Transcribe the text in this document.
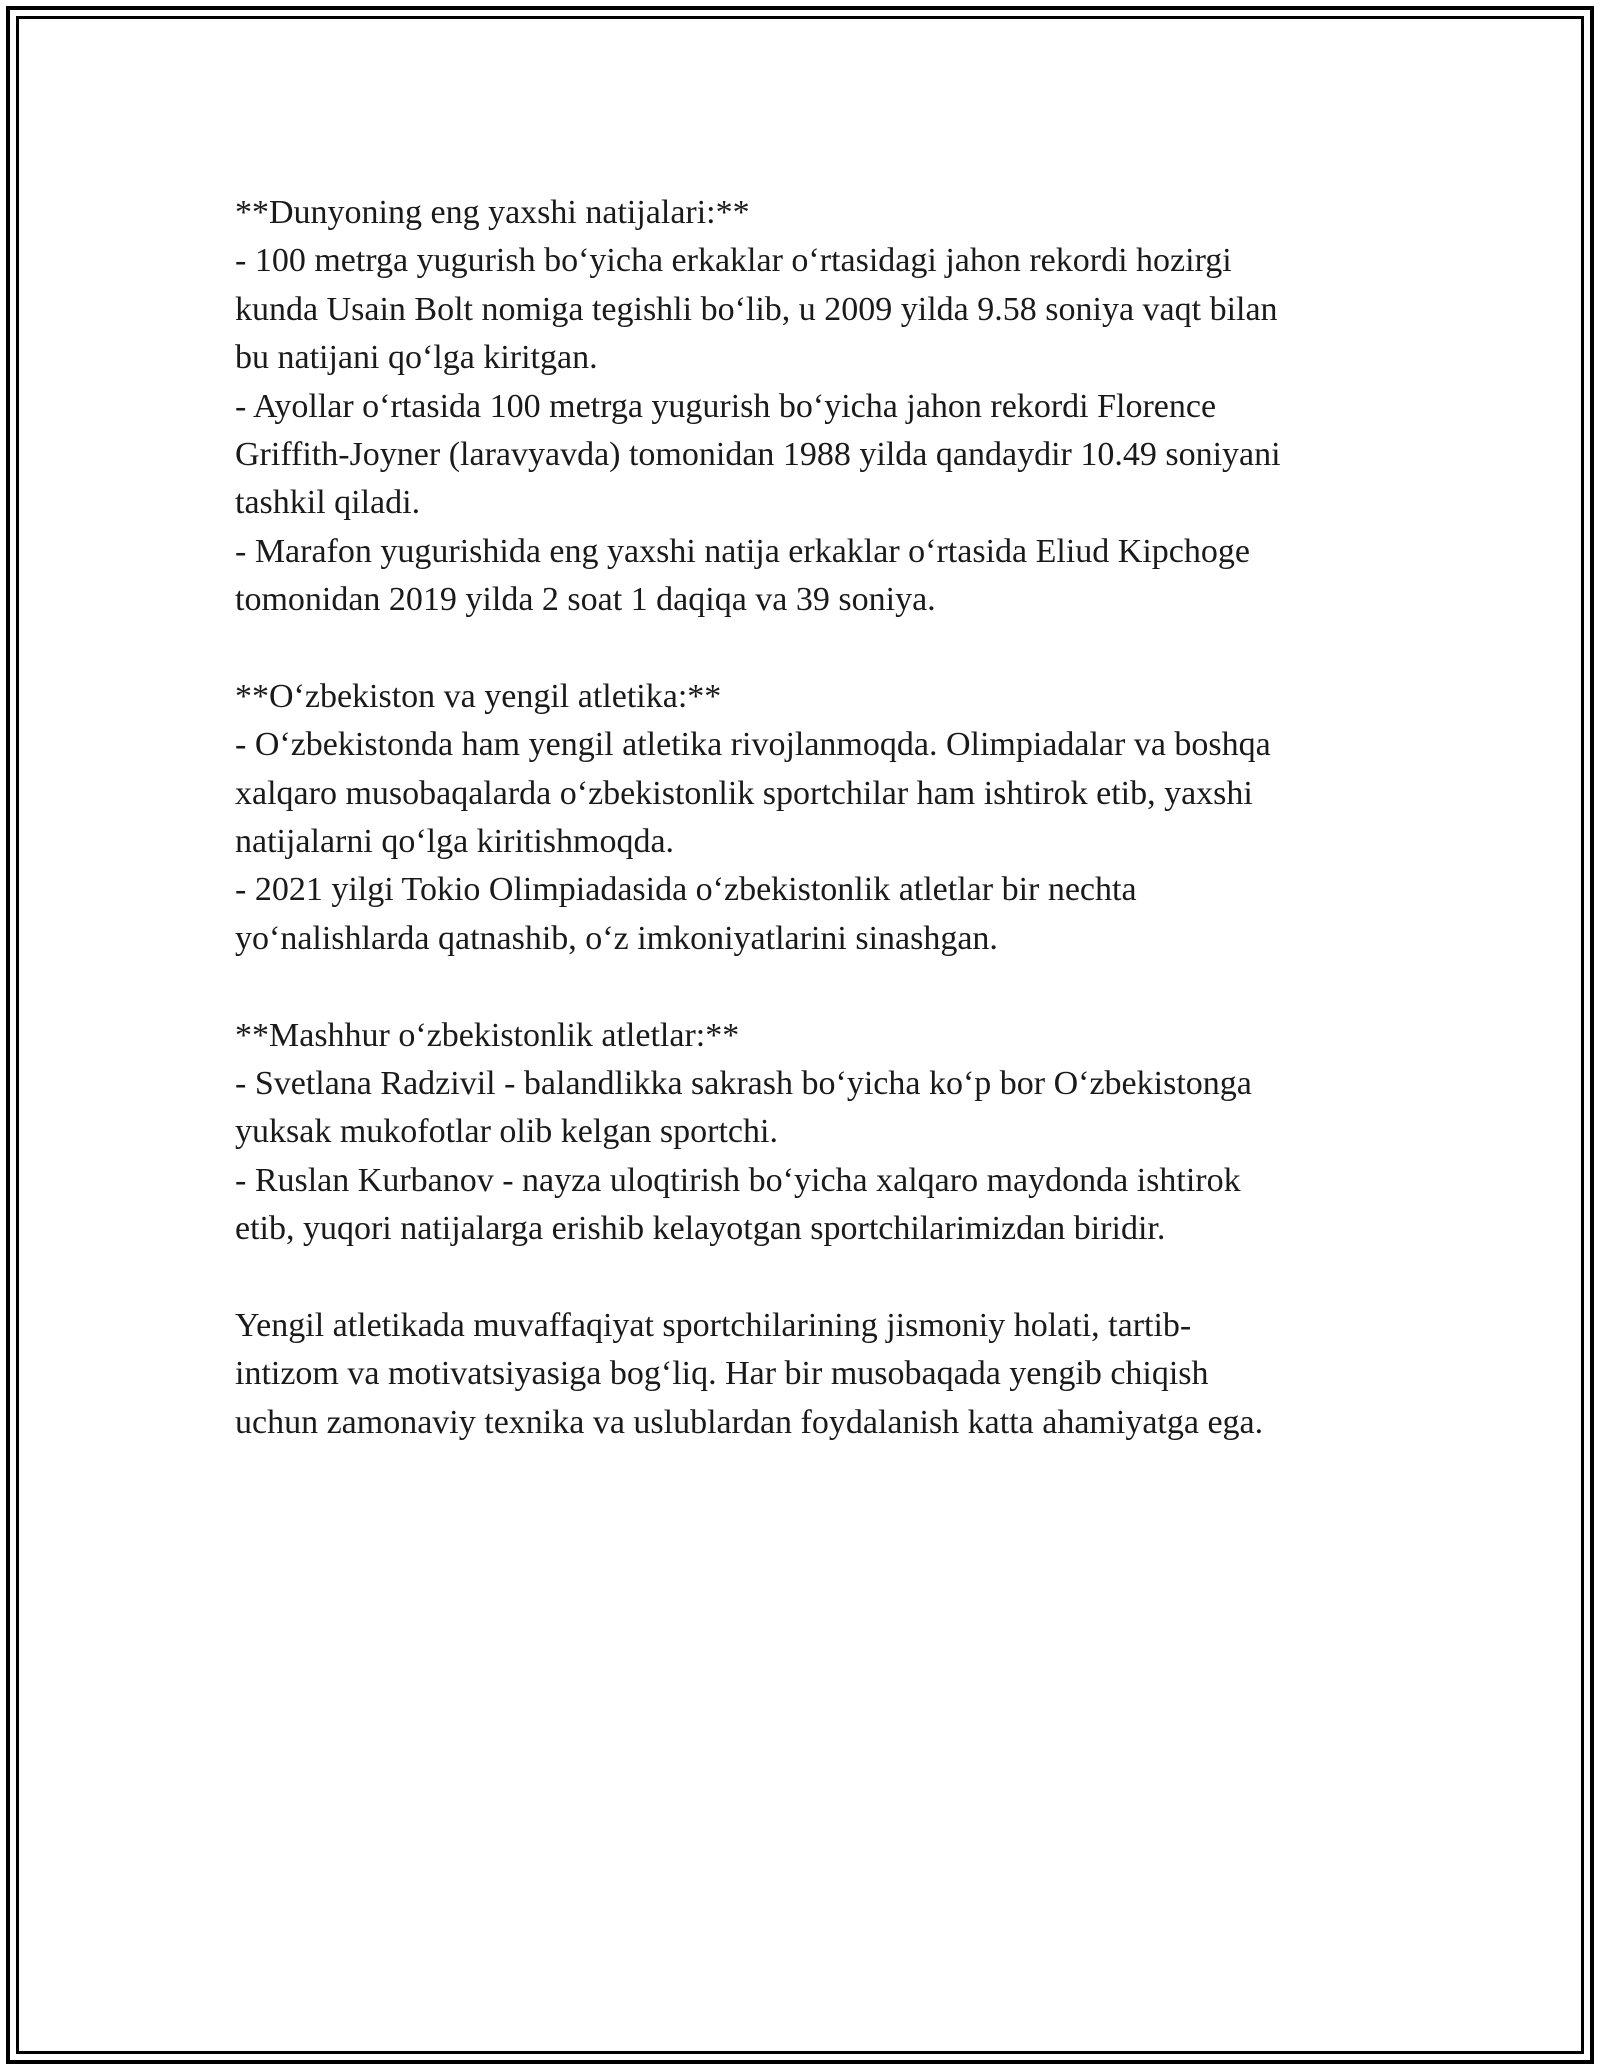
**Dunyoning eng yaxshi natijalari:**
- 100 metrga yugurish bo‘yicha erkaklar o‘rtasidagi jahon rekordi hozirgi
kunda Usain Bolt nomiga tegishli bo‘lib, u 2009 yilda 9.58 soniya vaqt bilan
bu natijani qo‘lga kiritgan.
- Ayollar o‘rtasida 100 metrga yugurish bo‘yicha jahon rekordi Florence
Griffith-Joyner (laravyavda) tomonidan 1988 yilda qandaydir 10.49 soniyani
tashkil qiladi.
- Marafon yugurishida eng yaxshi natija erkaklar o‘rtasida Eliud Kipchoge
tomonidan 2019 yilda 2 soat 1 daqiqa va 39 soniya.
**O‘zbekiston va yengil atletika:**
- O‘zbekistonda ham yengil atletika rivojlanmoqda. Olimpiadalar va boshqa
xalqaro musobaqalarda o‘zbekistonlik sportchilar ham ishtirok etib, yaxshi
natijalarni qo‘lga kiritishmoqda.
- 2021 yilgi Tokio Olimpiadasida o‘zbekistonlik atletlar bir nechta
yo‘nalishlarda qatnashib, o‘z imkoniyatlarini sinashgan.
**Mashhur o‘zbekistonlik atletlar:**
- Svetlana Radzivil - balandlikka sakrash bo‘yicha ko‘p bor O‘zbekistonga
yuksak mukofotlar olib kelgan sportchi.
- Ruslan Kurbanov - nayza uloqtirish bo‘yicha xalqaro maydonda ishtirok
etib, yuqori natijalarga erishib kelayotgan sportchilarimizdan biridir.
Yengil atletikada muvaffaqiyat sportchilarining jismoniy holati, tartib-
intizom va motivatsiyasiga bog‘liq. Har bir musobaqada yengib chiqish
uchun zamonaviy texnika va uslublardan foydalanish katta ahamiyatga ega.
